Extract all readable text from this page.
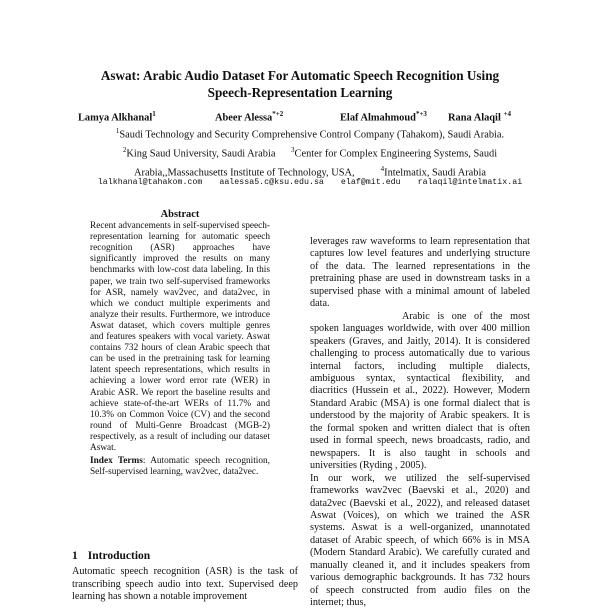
Aswat: Arabic Audio Dataset For Automatic Speech Recognition Using
Speech-Representation Learning
Lamya Alkhanal$^1$	Abeer Alessa$^{*+2}$	Elaf Almahmoud$^{*+3}$ Rana Alaqil $^{+4}$
$^1$Saudi Technology and Security Comprehensive Control Company (Tahakom), Saudi Arabia.
$^2$King Saud University, Saudi Arabia $^3$Center for Complex Engineering Systems, Saudi
Arabia,,Massachusetts Institute of Technology, USA,	$^4$Intelmatix, Saudi Arabia
lalkhanal@tahakom.com aalessa5.c@ksu.edu.sa elaf@mit.edu ralaqil@intelmatix.ai
Abstract

Recent advancements in self-supervised speech-representation learning for automatic speech recognition (ASR) approaches have significantly improved the results on many benchmarks with low-cost data labeling. In this paper, we train two self-supervised frameworks for ASR, namely wav2vec, and data2vec, in which we conduct multiple experiments and analyze their results. Furthermore, we introduce Aswat dataset, which covers multiple genres and features speakers with vocal variety. Aswat contains 732 hours of clean Arabic speech that can be used in the pretraining task for learning latent speech representations, which results in achieving a lower word error rate (WER) in Arabic ASR. We report the baseline results and achieve state-of-the-art WERs of 11.7% and 10.3% on Common Voice (CV) and the second round of Multi-Genre Broadcast (MGB-2) respectively, as a result of including our dataset Aswat.

Index Terms: Automatic speech recognition, Self-supervised learning, wav2vec, data2vec.

1 Introduction

Automatic speech recognition (ASR) is the task of transcribing speech audio into text. Supervised deep learning has shown a notable improvement

leverages raw waveforms to learn representation that captures low level features and underlying structure of the data. The learned representations in the pretraining phase are used in downstream tasks in a supervised phase with a minimal amount of labeled data.

Arabic is one of the most spoken languages worldwide, with over 400 million speakers (Graves, and Jaitly, 2014). It is considered challenging to process automatically due to various internal factors, including multiple dialects, ambiguous syntax, syntactical flexibility, and diacritics (Hussein et al., 2022). However, Modern Standard Arabic (MSA) is one formal dialect that is understood by the majority of Arabic speakers. It is the formal spoken and written dialect that is often used in formal speech, news broadcasts, radio, and newspapers. It is also taught in schools and universities (Ryding , 2005).

In our work, we utilized the self-supervised frameworks wav2vec (Baevski et al., 2020) and data2vec (Baevski et al., 2022), and released dataset Aswat (Voices), on which we trained the ASR systems. Aswat is a well-organized, unannotated dataset of Arabic speech, of which 66% is in MSA (Modern Standard Arabic). We carefully curated and manually cleaned it, and it includes speakers from various demographic backgrounds. It has 732 hours of speech constructed from audio files on the internet; thus,
